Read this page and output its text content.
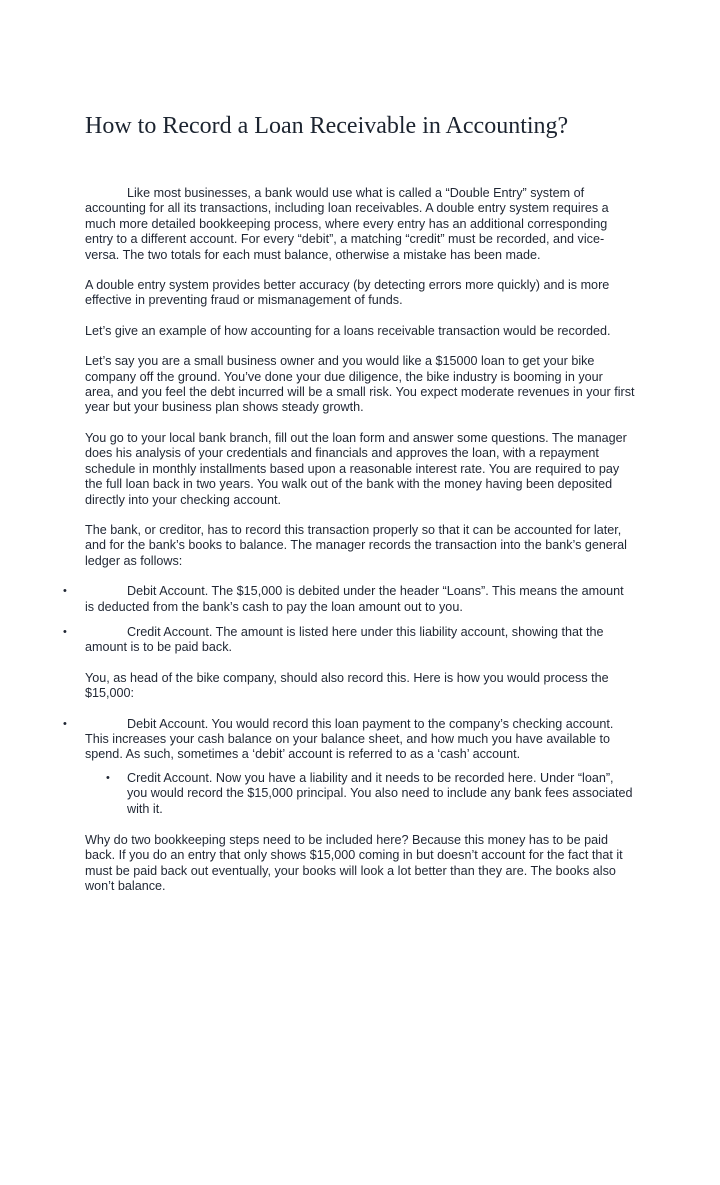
How to Record a Loan Receivable in Accounting?

Like most businesses, a bank would use what is called a “Double Entry” system of accounting for all its transactions, including loan receivables. A double entry system requires a much more detailed bookkeeping process, where every entry has an additional corresponding entry to a different account. For every “debit”, a matching “credit” must be recorded, and vice-versa. The two totals for each must balance, otherwise a mistake has been made.

A double entry system provides better accuracy (by detecting errors more quickly) and is more effective in preventing fraud or mismanagement of funds.

Let’s give an example of how accounting for a loans receivable transaction would be recorded.

Let’s say you are a small business owner and you would like a $15000 loan to get your bike company off the ground. You’ve done your due diligence, the bike industry is booming in your area, and you feel the debt incurred will be a small risk. You expect moderate revenues in your first year but your business plan shows steady growth.

You go to your local bank branch, fill out the loan form and answer some questions. The manager does his analysis of your credentials and financials and approves the loan, with a repayment schedule in monthly installments based upon a reasonable interest rate. You are required to pay the full loan back in two years. You walk out of the bank with the money having been deposited directly into your checking account.

The bank, or creditor, has to record this transaction properly so that it can be accounted for later, and for the bank’s books to balance. The manager records the transaction into the bank’s general ledger as follows:

•	Debit Account. The $15,000 is debited under the header “Loans”. This means the amount is deducted from the bank’s cash to pay the loan amount out to you.
•	Credit Account. The amount is listed here under this liability account, showing that the amount is to be paid back.

You, as head of the bike company, should also record this. Here is how you would process the $15,000:

•	Debit Account. You would record this loan payment to the company’s checking account. This increases your cash balance on your balance sheet, and how much you have available to spend. As such, sometimes a ‘debit’ account is referred to as a ‘cash’ account.
• Credit Account. Now you have a liability and it needs to be recorded here. Under “loan”, you would record the $15,000 principal. You also need to include any bank fees associated with it.

Why do two bookkeeping steps need to be included here? Because this money has to be paid back. If you do an entry that only shows $15,000 coming in but doesn’t account for the fact that it must be paid back out eventually, your books will look a lot better than they are. The books also won’t balance.
